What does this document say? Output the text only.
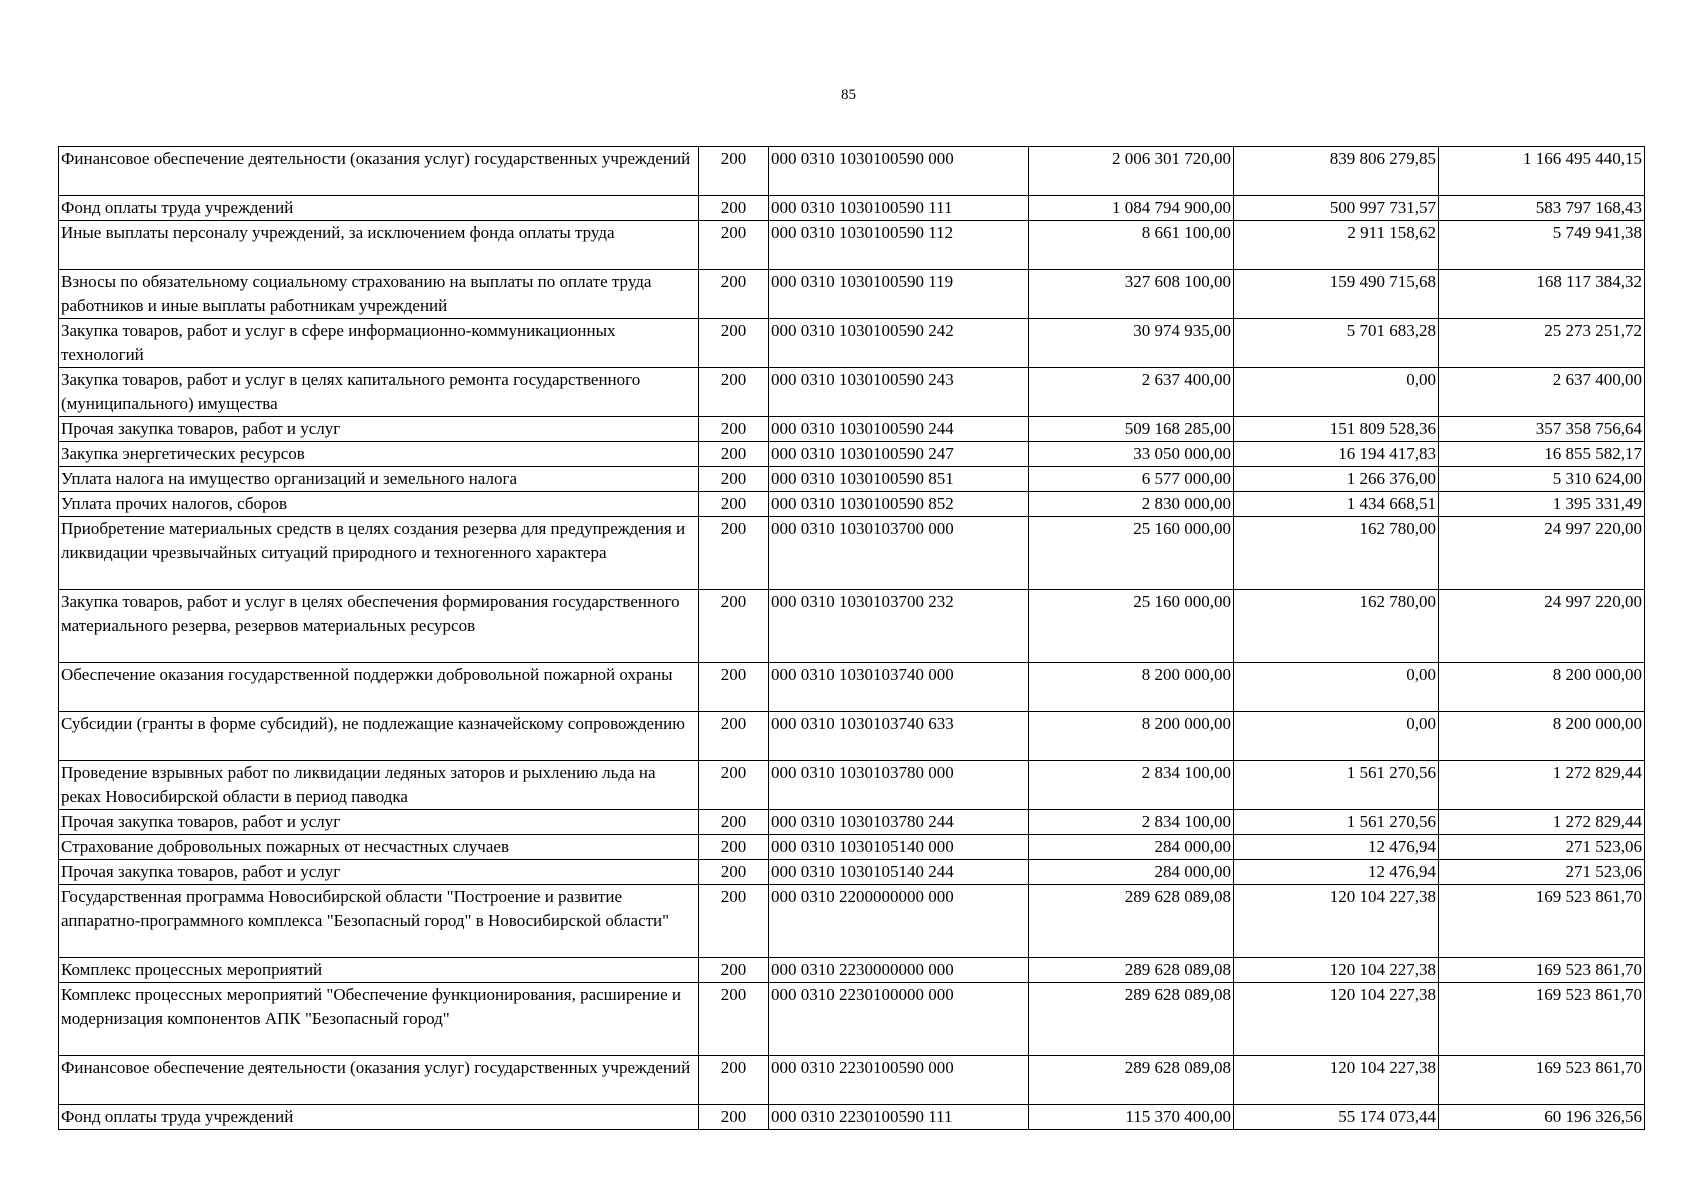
85
Финансовое обеспечение деятельности (оказания услуг) государственных учреждений	200	000 0310 1030100590 000	2 006 301 720,00	839 806 279,85	1 166 495 440,15
Фонд оплаты труда учреждений	200	000 0310 1030100590 111	1 084 794 900,00	500 997 731,57	583 797 168,43
Иные выплаты персоналу учреждений, за исключением фонда оплаты труда	200	000 0310 1030100590 112	8 661 100,00	2 911 158,62	5 749 941,38
Взносы по обязательному социальному страхованию на выплаты по оплате труда работников и иные выплаты работникам учреждений	200	000 0310 1030100590 119	327 608 100,00	159 490 715,68	168 117 384,32
Закупка товаров, работ и услуг в сфере информационно-коммуникационных технологий	200	000 0310 1030100590 242	30 974 935,00	5 701 683,28	25 273 251,72
Закупка товаров, работ и услуг в целях капитального ремонта государственного (муниципального) имущества	200	000 0310 1030100590 243	2 637 400,00	0,00	2 637 400,00
Прочая закупка товаров, работ и услуг	200	000 0310 1030100590 244	509 168 285,00	151 809 528,36	357 358 756,64
Закупка энергетических ресурсов	200	000 0310 1030100590 247	33 050 000,00	16 194 417,83	16 855 582,17
Уплата налога на имущество организаций и земельного налога	200	000 0310 1030100590 851	6 577 000,00	1 266 376,00	5 310 624,00
Уплата прочих налогов, сборов	200	000 0310 1030100590 852	2 830 000,00	1 434 668,51	1 395 331,49
Приобретение материальных средств в целях создания резерва для предупреждения и ликвидации чрезвычайных ситуаций природного и техногенного характера	200	000 0310 1030103700 000	25 160 000,00	162 780,00	24 997 220,00
Закупка товаров, работ и услуг в целях обеспечения формирования государственного материального резерва, резервов материальных ресурсов	200	000 0310 1030103700 232	25 160 000,00	162 780,00	24 997 220,00
Обеспечение оказания государственной поддержки добровольной пожарной охраны	200	000 0310 1030103740 000	8 200 000,00	0,00	8 200 000,00
Субсидии (гранты в форме субсидий), не подлежащие казначейскому сопровождению	200	000 0310 1030103740 633	8 200 000,00	0,00	8 200 000,00
Проведение взрывных работ по ликвидации ледяных заторов и рыхлению льда на реках Новосибирской области в период паводка	200	000 0310 1030103780 000	2 834 100,00	1 561 270,56	1 272 829,44
Прочая закупка товаров, работ и услуг	200	000 0310 1030103780 244	2 834 100,00	1 561 270,56	1 272 829,44
Страхование добровольных пожарных от несчастных случаев	200	000 0310 1030105140 000	284 000,00	12 476,94	271 523,06
Прочая закупка товаров, работ и услуг	200	000 0310 1030105140 244	284 000,00	12 476,94	271 523,06
Государственная программа Новосибирской области "Построение и развитие аппаратно-программного комплекса "Безопасный город" в Новосибирской области"	200	000 0310 2200000000 000	289 628 089,08	120 104 227,38	169 523 861,70
Комплекс процессных мероприятий	200	000 0310 2230000000 000	289 628 089,08	120 104 227,38	169 523 861,70
Комплекс процессных мероприятий "Обеспечение функционирования, расширение и модернизация компонентов АПК "Безопасный город"	200	000 0310 2230100000 000	289 628 089,08	120 104 227,38	169 523 861,70
Финансовое обеспечение деятельности (оказания услуг) государственных учреждений	200	000 0310 2230100590 000	289 628 089,08	120 104 227,38	169 523 861,70
Фонд оплаты труда учреждений	200	000 0310 2230100590 111	115 370 400,00	55 174 073,44	60 196 326,56
